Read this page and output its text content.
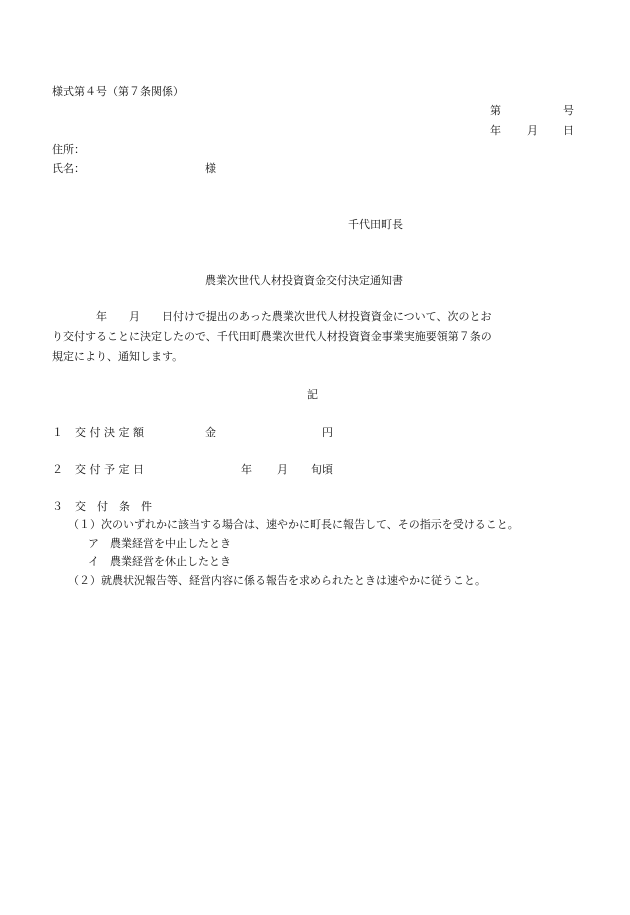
様式第４号（第７条関係）
第	号
年 月 日
住所：
氏名：	様
千代田町長
農業次世代人材投資資金交付決定通知書
　　　　年　　月　　日付けで提出のあった農業次世代人材投資資金について、次のとお
り交付することに決定したので、千代田町農業次世代人材投資資金事業実施要領第７条の
規定により、通知します。
記
１ 交 付 決 定 額	金	円
２ 交 付 予 定 日	年 月 旬頃
３ 交　付　条　件
（１）次のいずれかに該当する場合は、速やかに町長に報告して、その指示を受けること。
ア　農業経営を中止したとき
イ　農業経営を休止したとき
（２）就農状況報告等、経営内容に係る報告を求められたときは速やかに従うこと。
